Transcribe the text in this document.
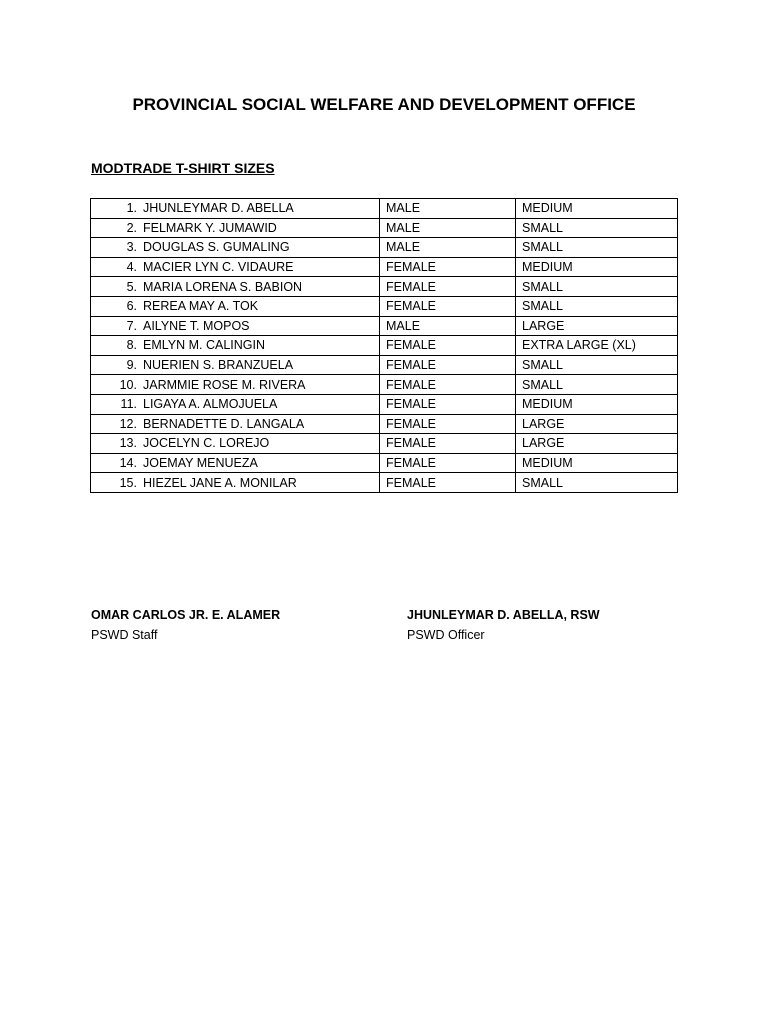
PROVINCIAL SOCIAL WELFARE AND DEVELOPMENT OFFICE
MODTRADE T-SHIRT SIZES
1. JHUNLEYMAR D. ABELLA	MALE	MEDIUM
2. FELMARK Y. JUMAWID	MALE	SMALL
3. DOUGLAS S. GUMALING	MALE	SMALL
4. MACIER LYN C. VIDAURE	FEMALE	MEDIUM
5. MARIA LORENA S. BABION	FEMALE	SMALL
6. REREA MAY A. TOK	FEMALE	SMALL
7. AILYNE T. MOPOS	MALE	LARGE
8. EMLYN M. CALINGIN	FEMALE	EXTRA LARGE (XL)
9. NUERIEN S. BRANZUELA	FEMALE	SMALL
10. JARMMIE ROSE M. RIVERA	FEMALE	SMALL
11. LIGAYA A. ALMOJUELA	FEMALE	MEDIUM
12. BERNADETTE D. LANGALA	FEMALE	LARGE
13. JOCELYN C. LOREJO	FEMALE	LARGE
14. JOEMAY MENUEZA	FEMALE	MEDIUM
15. HIEZEL JANE A. MONILAR	FEMALE	SMALL
OMAR CARLOS JR. E. ALAMER
PSWD Staff
JHUNLEYMAR D. ABELLA, RSW
PSWD Officer
